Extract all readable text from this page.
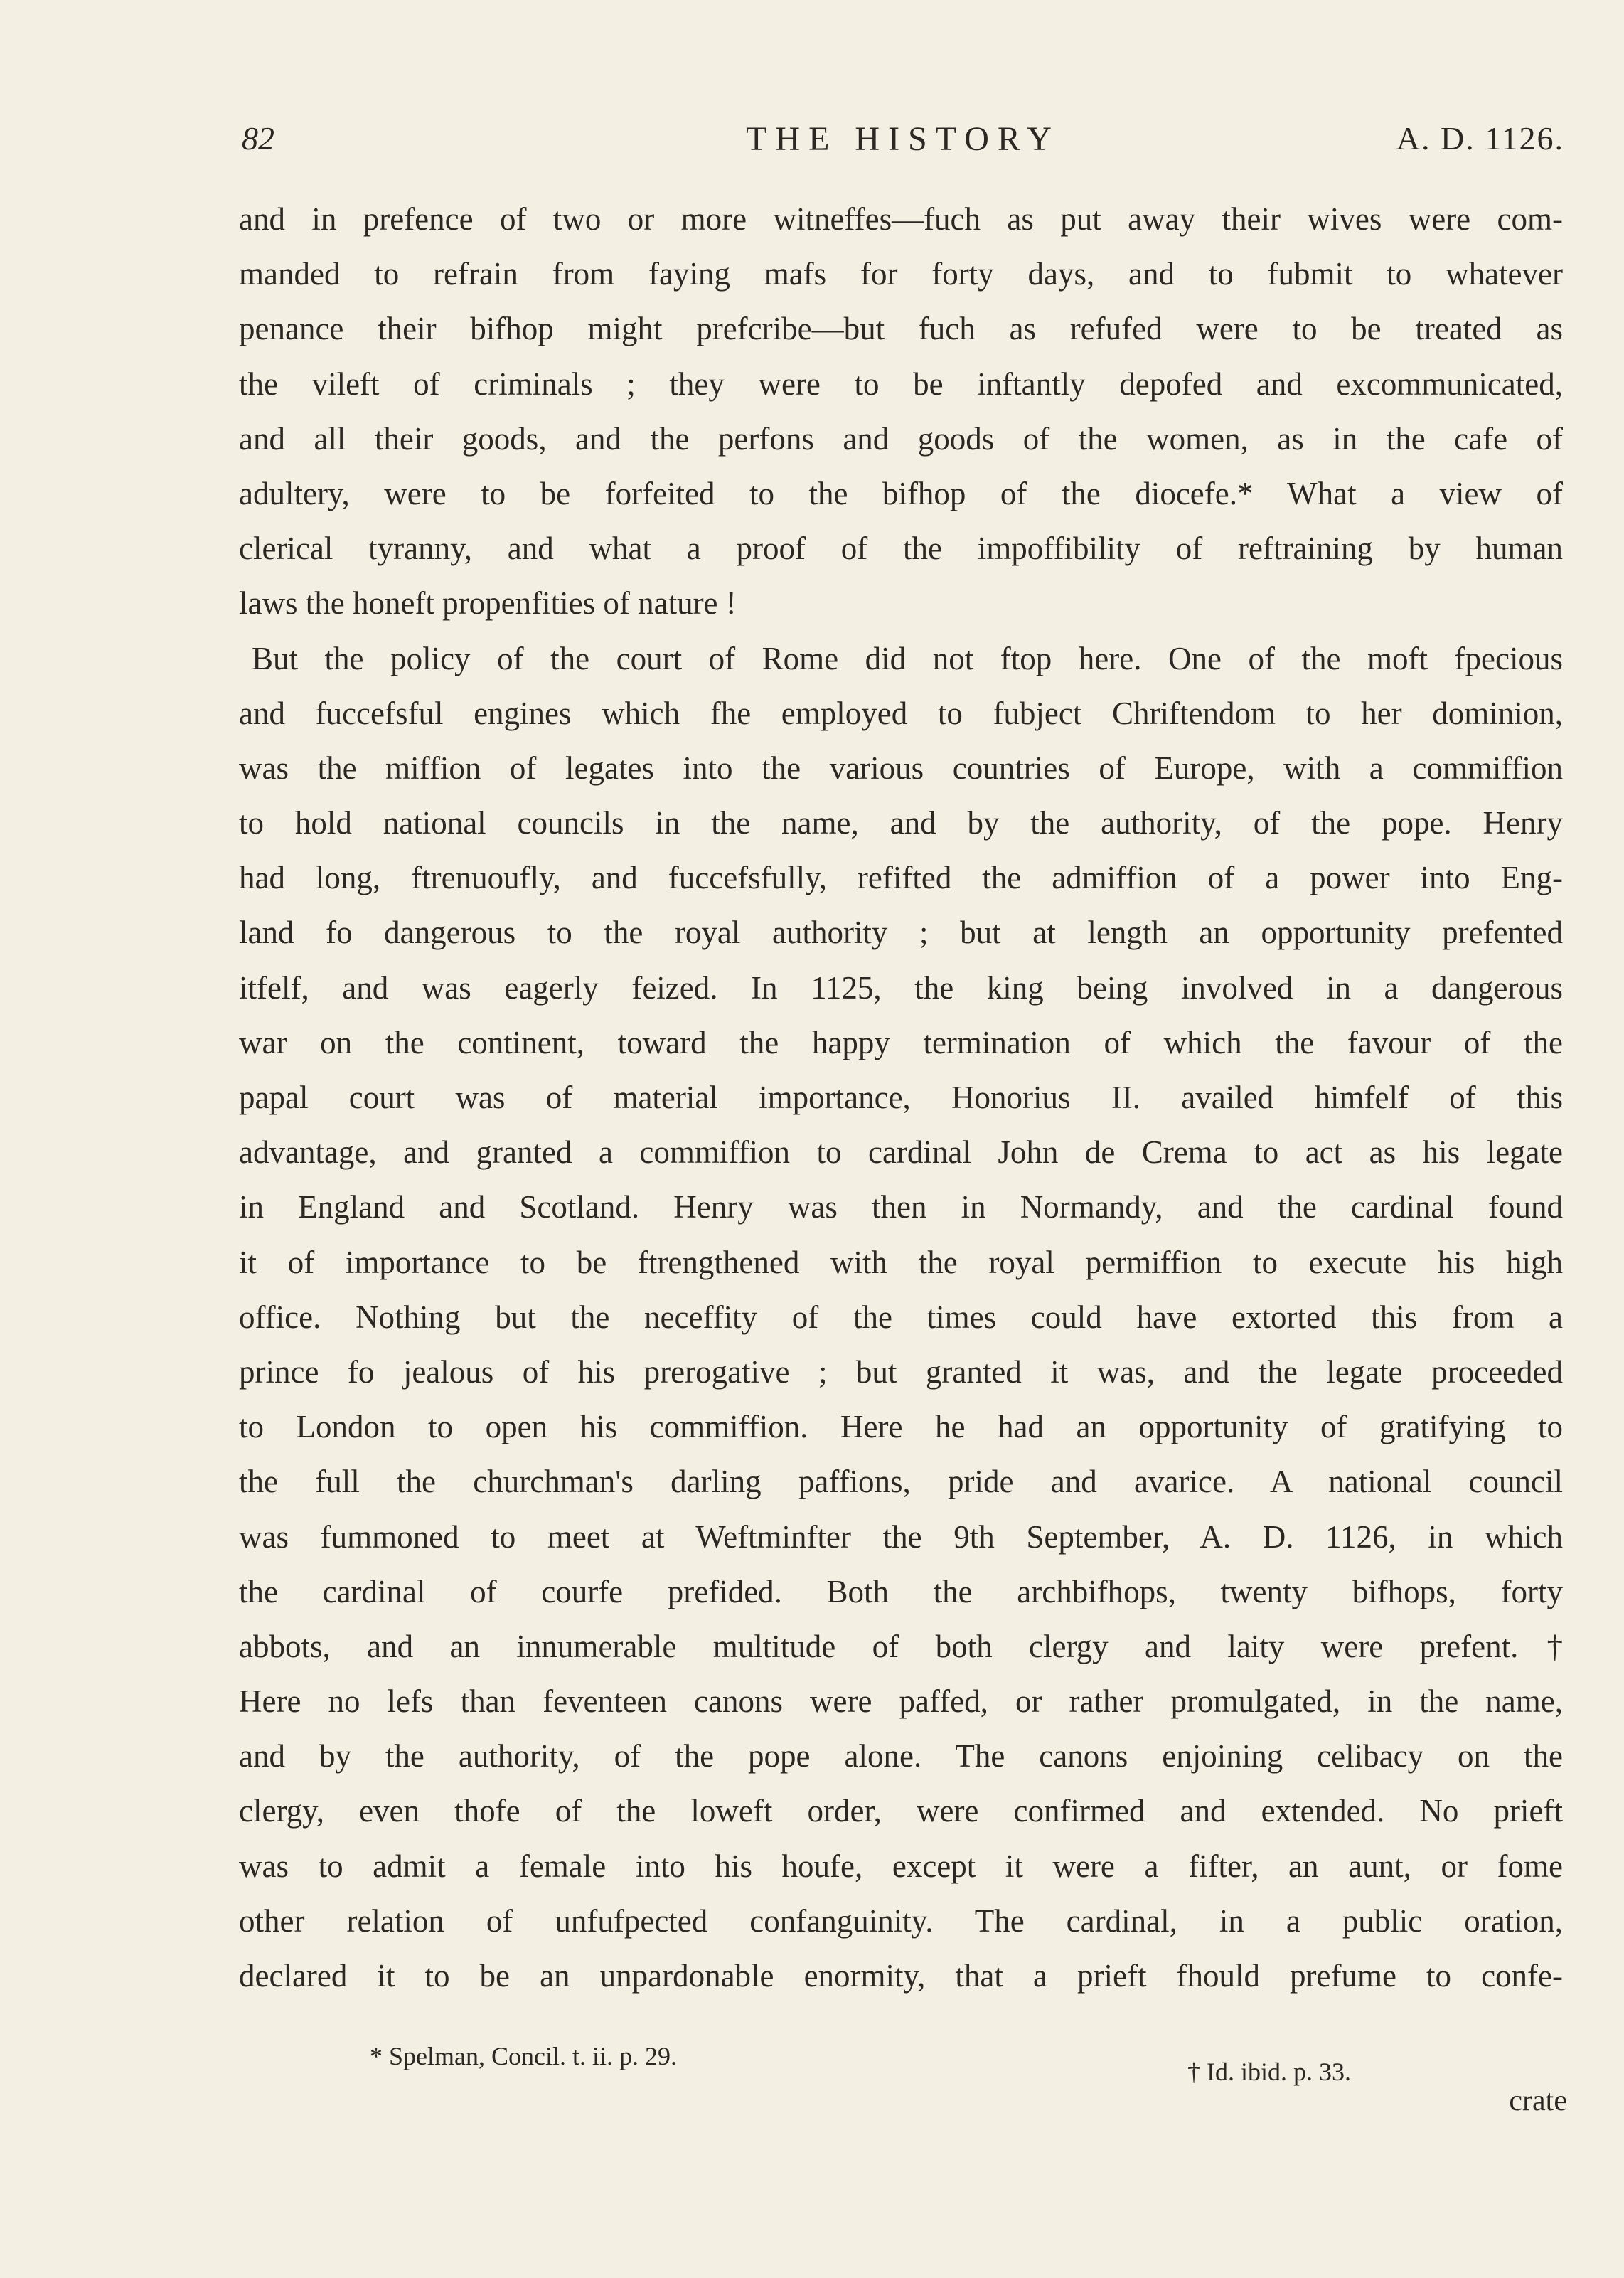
82	THE HISTORY	A. D. 1126.
and in prefence of two or more witneffes—fuch as put away their wives were com-
manded to refrain from faying mafs for forty days, and to fubmit to whatever
penance their bifhop might prefcribe—but fuch as refufed were to be treated as
the vileft of criminals ; they were to be inftantly depofed and excommunicated,
and all their goods, and the perfons and goods of the women, as in the cafe of
adultery, were to be forfeited to the bifhop of the diocefe.* What a view of
clerical tyranny, and what a proof of the impoffibility of reftraining by human
laws the honeft propenfities of nature !
But the policy of the court of Rome did not ftop here. One of the moft fpecious
and fuccefsful engines which fhe employed to fubject Chriftendom to her dominion,
was the miffion of legates into the various countries of Europe, with a commiffion
to hold national councils in the name, and by the authority, of the pope. Henry
had long, ftrenuoufly, and fuccefsfully, refifted the admiffion of a power into Eng-
land fo dangerous to the royal authority ; but at length an opportunity prefented
itfelf, and was eagerly feized. In 1125, the king being involved in a dangerous
war on the continent, toward the happy termination of which the favour of the
papal court was of material importance, Honorius II. availed himfelf of this
advantage, and granted a commiffion to cardinal John de Crema to act as his legate
in England and Scotland. Henry was then in Normandy, and the cardinal found
it of importance to be ftrengthened with the royal permiffion to execute his high
office. Nothing but the neceffity of the times could have extorted this from a
prince fo jealous of his prerogative ; but granted it was, and the legate proceeded
to London to open his commiffion. Here he had an opportunity of gratifying to
the full the churchman's darling paffions, pride and avarice. A national council
was fummoned to meet at Weftminfter the 9th September, A. D. 1126, in which
the cardinal of courfe prefided. Both the archbifhops, twenty bifhops, forty
abbots, and an innumerable multitude of both clergy and laity were prefent.†
Here no lefs than feventeen canons were paffed, or rather promulgated, in the name,
and by the authority, of the pope alone. The canons enjoining celibacy on the
clergy, even thofe of the loweft order, were confirmed and extended. No prieft
was to admit a female into his houfe, except it were a fifter, an aunt, or fome
other relation of unfufpected confanguinity. The cardinal, in a public oration,
declared it to be an unpardonable enormity, that a prieft fhould prefume to confe-
* Spelman, Concil. t. ii. p. 29.
† Id. ibid. p. 33.
crate
